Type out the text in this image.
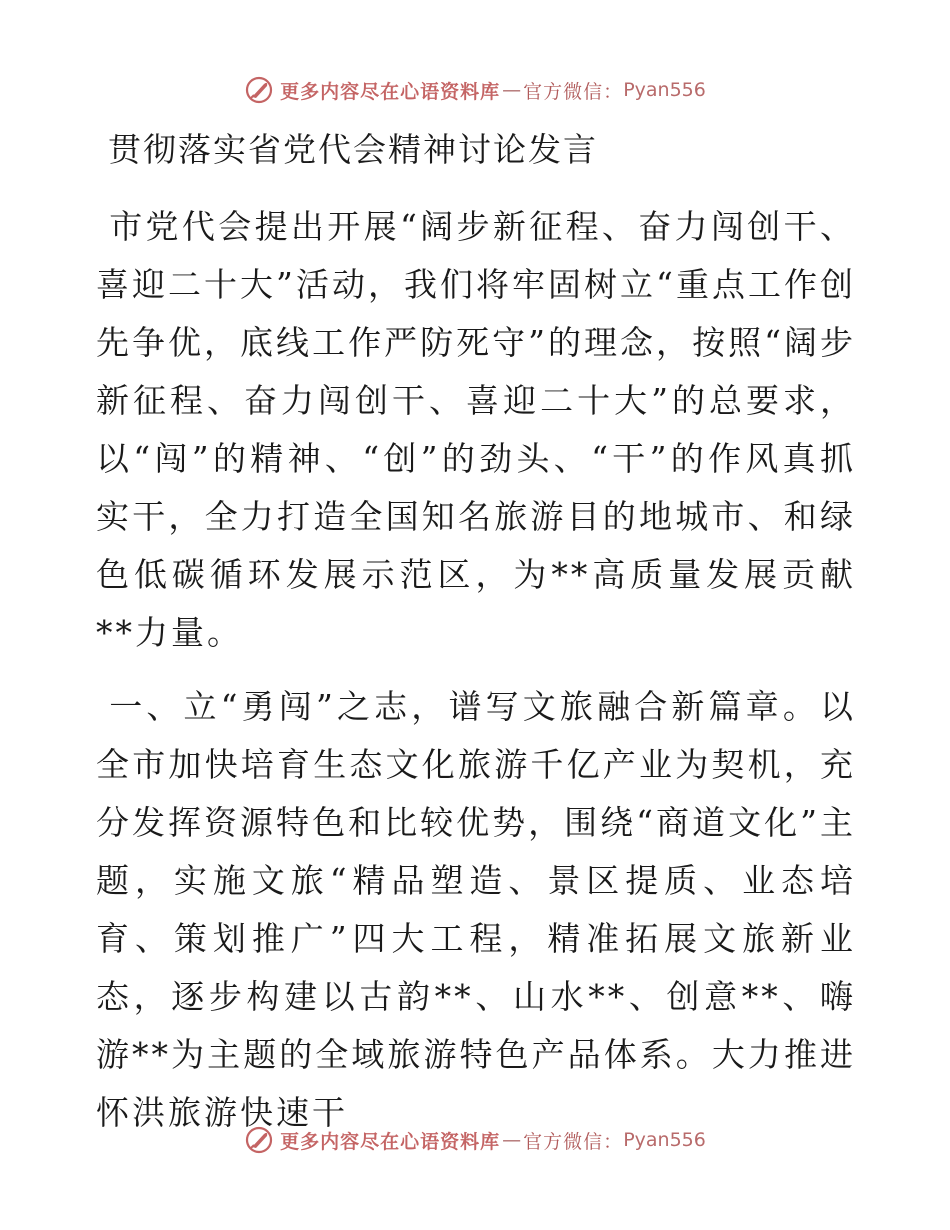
更多内容尽在心语资料库 — 官方微信： Pyan556
贯彻落实省党代会精神讨论发言

市党代会提出开展“阔步新征程、奋力闯创干、喜迎二十大”活动，我们将牢固树立“重点工作创先争优，底线工作严防死守”的理念，按照“阔步新征程、奋力闯创干、喜迎二十大”的总要求，以“闯”的精神、“创”的劲头、“干”的作风真抓实干，全力打造全国知名旅游目的地城市、和绿色低碳循环发展示范区，为**高质量发展贡献**力量。

一、立“勇闯”之志，谱写文旅融合新篇章。以全市加快培育生态文化旅游千亿产业为契机，充分发挥资源特色和比较优势，围绕“商道文化”主题，实施文旅“精品塑造、景区提质、业态培育、策划推广”四大工程，精准拓展文旅新业态，逐步构建以古韵**、山水**、创意**、嗨游**为主题的全域旅游特色产品体系。大力推进怀洪旅游快速干

更多内容尽在心语资料库 — 官方微信： Pyan556
